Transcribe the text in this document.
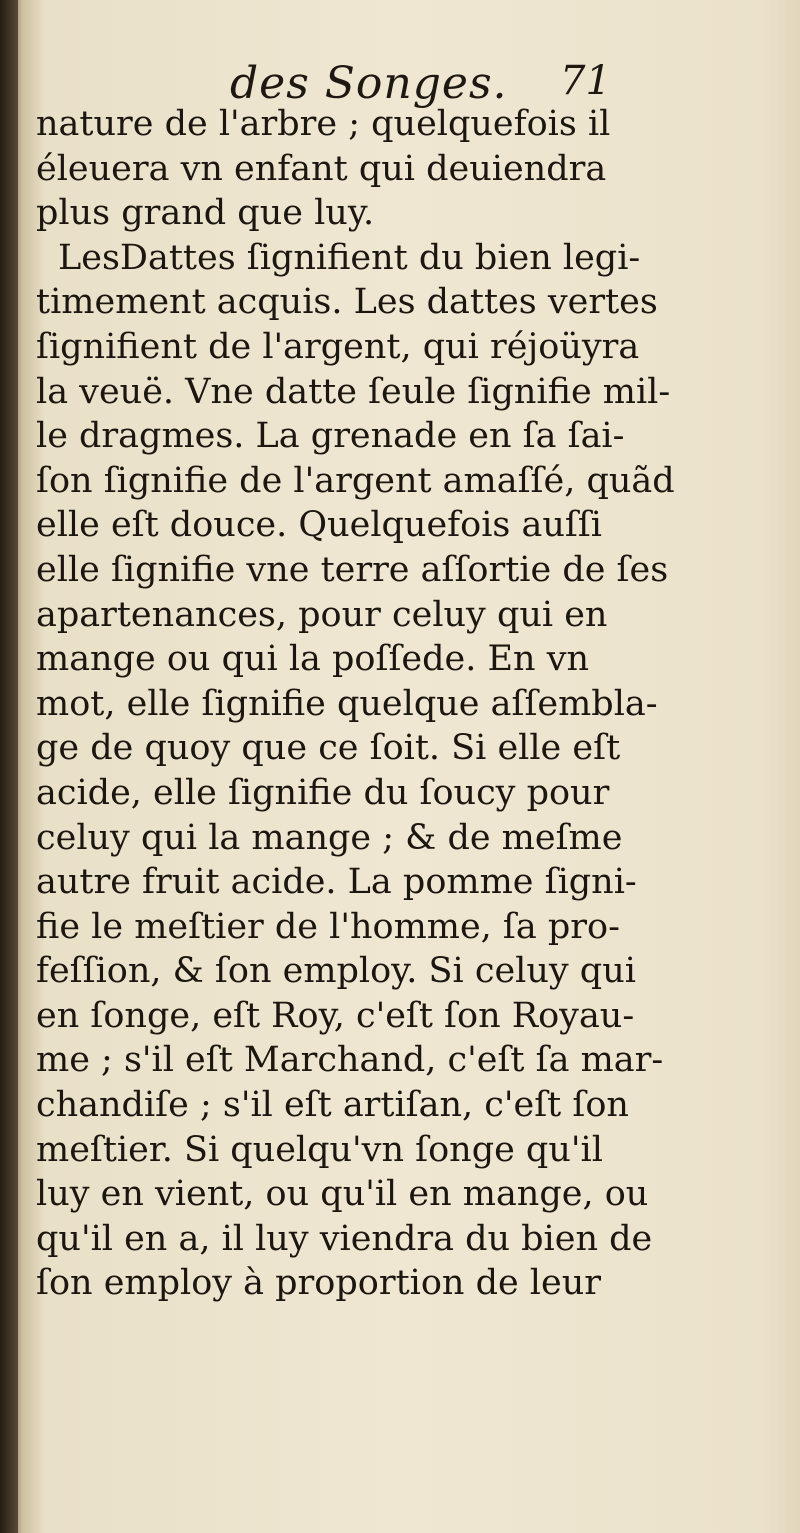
des Songes. 71
nature de l'arbre ; quelquefois il
éleuera vn enfant qui deuiendra
plus grand que luy.
LesDattes ſignifient du bien legi-
timement acquis. Les dattes vertes
ſignifient de l'argent, qui réjoüyra
la veuë. Vne datte ſeule ſignifie mil-
le dragmes. La grenade en ſa ſai-
ſon ſignifie de l'argent amaſſé, quãd
elle eſt douce. Quelquefois auſſi
elle ſignifie vne terre aſſortie de ſes
apartenances, pour celuy qui en
mange ou qui la poſſede. En vn
mot, elle ſignifie quelque aſſembla-
ge de quoy que ce ſoit. Si elle eſt
acide, elle ſignifie du ſoucy pour
celuy qui la mange ; & de meſme
autre fruit acide. La pomme ſigni-
fie le meſtier de l'homme, ſa pro-
feſſion, & ſon employ. Si celuy qui
en ſonge, eſt Roy, c'eſt ſon Royau-
me ; s'il eſt Marchand, c'eſt ſa mar-
chandiſe ; s'il eſt artiſan, c'eſt ſon
meſtier. Si quelqu'vn ſonge qu'il
luy en vient, ou qu'il en mange, ou
qu'il en a, il luy viendra du bien de
ſon employ à proportion de leur
